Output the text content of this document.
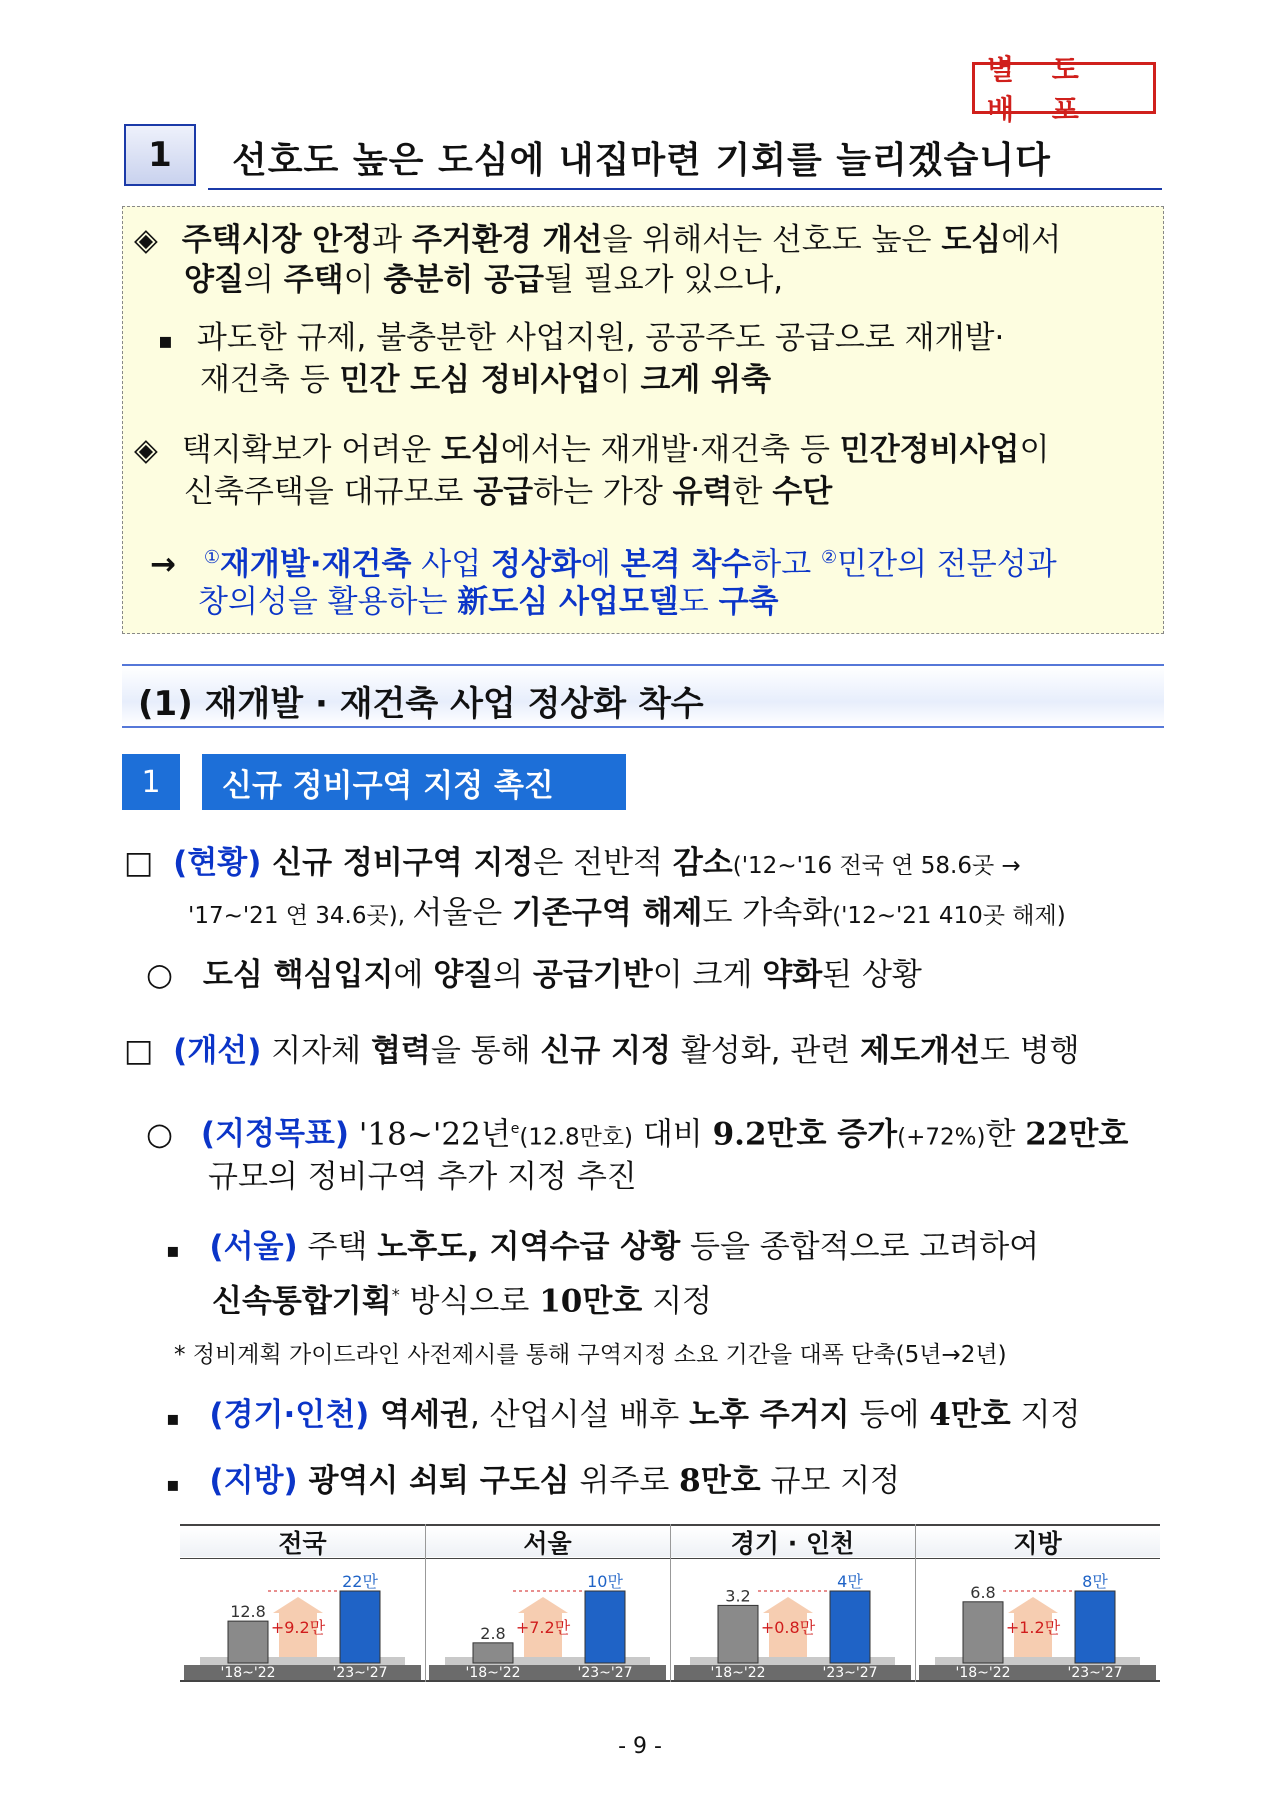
별 도 배 포
1	선호도 높은 도심에 내집마련 기회를 늘리겠습니다
◈ 주택시장 안정과 주거환경 개선을 위해서는 선호도 높은 도심에서
양질의 주택이 충분히 공급될 필요가 있으나,
▪ 과도한 규제, 불충분한 사업지원, 공공주도 공급으로 재개발·
재건축 등 민간 도심 정비사업이 크게 위축
◈ 택지확보가 어려운 도심에서는 재개발·재건축 등 민간정비사업이
신축주택을 대규모로 공급하는 가장 유력한 수단
→ ①재개발·재건축 사업 정상화에 본격 착수하고 ②민간의 전문성과
창의성을 활용하는 新도심 사업모델도 구축
(1) 재개발 · 재건축 사업 정상화 착수
1	신규 정비구역 지정 촉진
□ (현황) 신규 정비구역 지정은 전반적 감소('12~'16 전국 연 58.6곳 →
'17~'21 연 34.6곳), 서울은 기존구역 해제도 가속화('12~'21 410곳 해제)
○ 도심 핵심입지에 양질의 공급기반이 크게 약화된 상황
□ (개선) 지자체 협력을 통해 신규 지정 활성화, 관련 제도개선도 병행
○ (지정목표) '18~'22년$^e$(12.8만호) 대비 9.2만호 증가(+72%)한 22만호
규모의 정비구역 추가 지정 추진
▪ (서울) 주택 노후도, 지역수급 상황 등을 종합적으로 고려하여
신속통합기획* 방식으로 10만호 지정
* 정비계획 가이드라인 사전제시를 통해 구역지정 소요 기간을 대폭 단축(5년→2년)
▪ (경기·인천) 역세권, 산업시설 배후 노후 주거지 등에 4만호 지정
▪ (지방) 광역시 쇠퇴 구도심 위주로 8만호 규모 지정
전국	서울	경기 · 인천	지방
12.8
'18~'22
22만
'23~'27
+9.2만	2.8
'18~'22
10만
'23~'27
+7.2만
3.2
'18~'22
4만
'23~'27
+0.8만
6.8
'18~'22
8만
'23~'27
+1.2만
- 9 -
